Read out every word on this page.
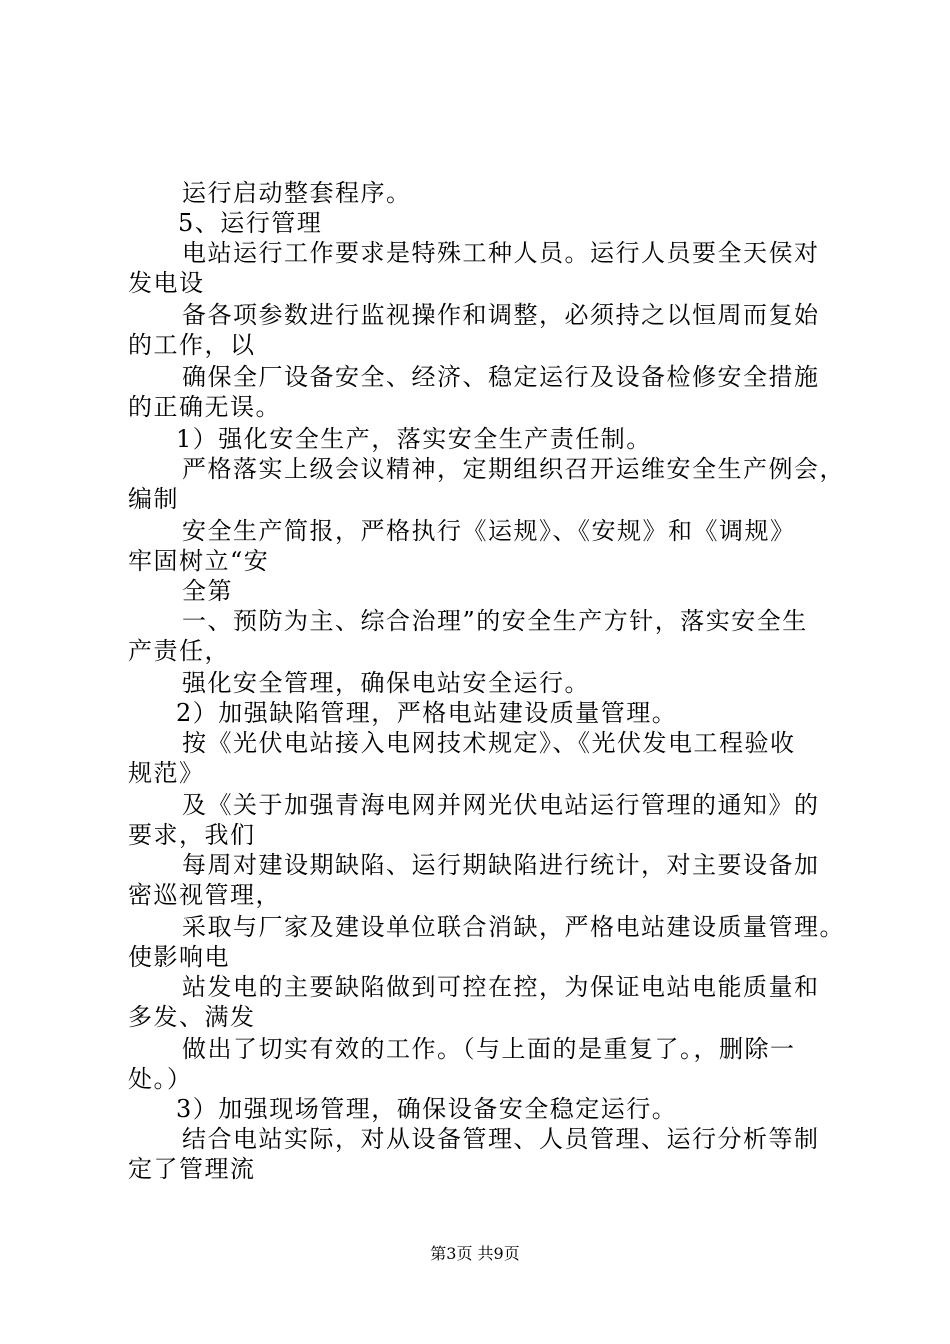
运行启动整套程序。
5、运行管理
电站运行工作要求是特殊工种人员。运行人员要全天侯对
发电设
备各项参数进行监视操作和调整，必须持之以恒周而复始
的工作，以
确保全厂设备安全、经济、稳定运行及设备检修安全措施
的正确无误。
1）强化安全生产，落实安全生产责任制。
严格落实上级会议精神，定期组织召开运维安全生产例会，
编制
安全生产简报，严格执行《运规》、《安规》和《调规》
牢固树立“安
全第
一、预防为主、综合治理”的安全生产方针，落实安全生
产责任，
强化安全管理，确保电站安全运行。
2）加强缺陷管理，严格电站建设质量管理。
按《光伏电站接入电网技术规定》、《光伏发电工程验收
规范》
及《关于加强青海电网并网光伏电站运行管理的通知》的
要求，我们
每周对建设期缺陷、运行期缺陷进行统计，对主要设备加
密巡视管理，
采取与厂家及建设单位联合消缺，严格电站建设质量管理。
使影响电
站发电的主要缺陷做到可控在控，为保证电站电能质量和
多发、满发
做出了切实有效的工作。（与上面的是重复了。，删除一
处。）
3）加强现场管理，确保设备安全稳定运行。
结合电站实际，对从设备管理、人员管理、运行分析等制
定了管理流
第3页 共9页
